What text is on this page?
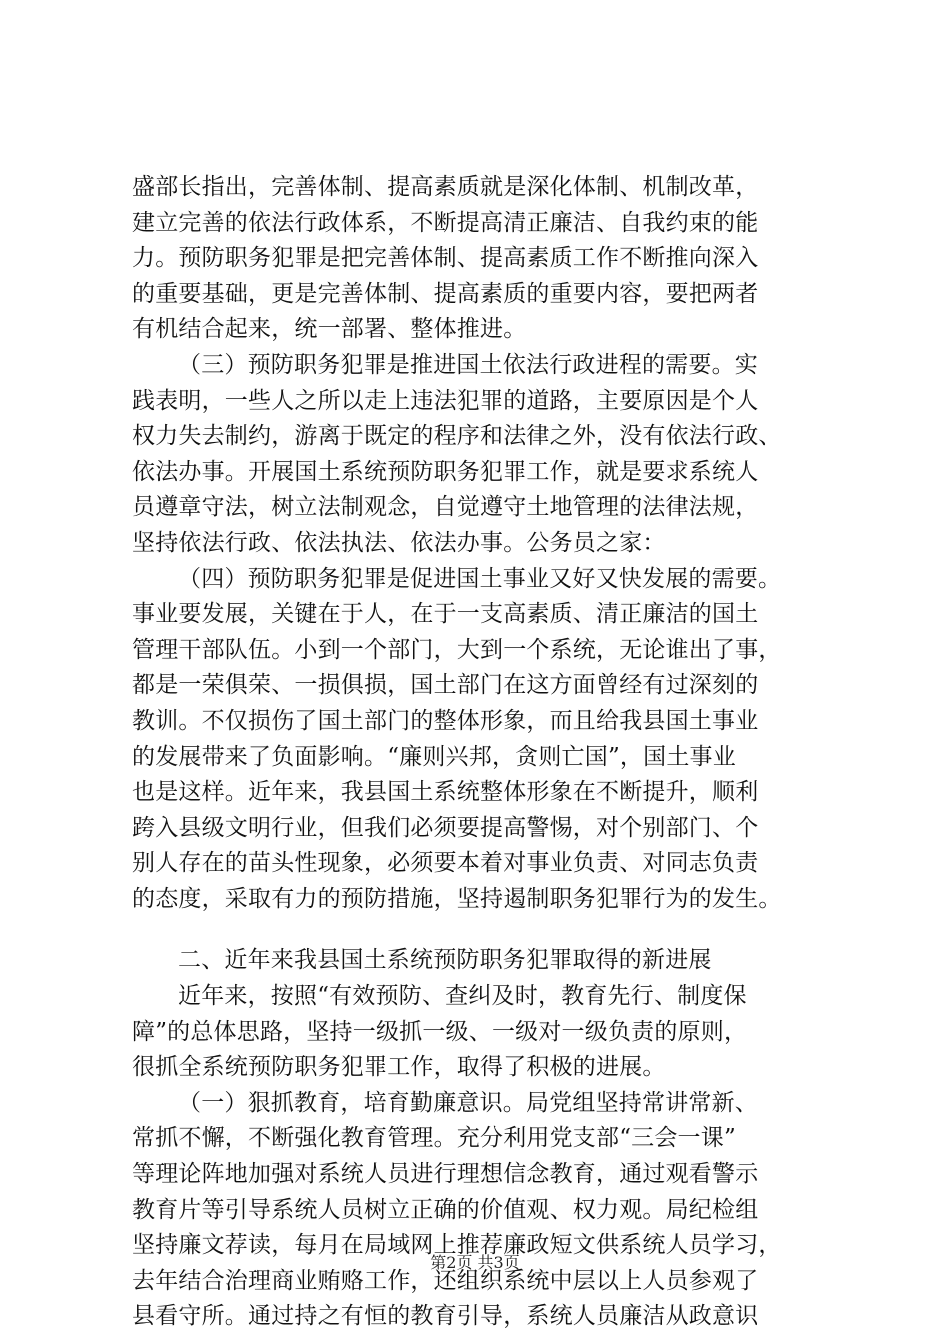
盛部长指出，完善体制、提高素质就是深化体制、机制改革，
建立完善的依法行政体系，不断提高清正廉洁、自我约束的能
力。预防职务犯罪是把完善体制、提高素质工作不断推向深入
的重要基础，更是完善体制、提高素质的重要内容，要把两者
有机结合起来，统一部署、整体推进。
（三）预防职务犯罪是推进国土依法行政进程的需要。实
践表明，一些人之所以走上违法犯罪的道路，主要原因是个人
权力失去制约，游离于既定的程序和法律之外，没有依法行政、
依法办事。开展国土系统预防职务犯罪工作，就是要求系统人
员遵章守法，树立法制观念，自觉遵守土地管理的法律法规，
坚持依法行政、依法执法、依法办事。公务员之家：
（四）预防职务犯罪是促进国土事业又好又快发展的需要。
事业要发展，关键在于人，在于一支高素质、清正廉洁的国土
管理干部队伍。小到一个部门，大到一个系统，无论谁出了事，
都是一荣俱荣、一损俱损，国土部门在这方面曾经有过深刻的
教训。不仅损伤了国土部门的整体形象，而且给我县国土事业
的发展带来了负面影响。“廉则兴邦，贪则亡国”，国土事业
也是这样。近年来，我县国土系统整体形象在不断提升，顺利
跨入县级文明行业，但我们必须要提高警惕，对个别部门、个
别人存在的苗头性现象，必须要本着对事业负责、对同志负责
的态度，采取有力的预防措施，坚持遏制职务犯罪行为的发生。
二、近年来我县国土系统预防职务犯罪取得的新进展
近年来，按照“有效预防、查纠及时，教育先行、制度保
障”的总体思路，坚持一级抓一级、一级对一级负责的原则，
很抓全系统预防职务犯罪工作，取得了积极的进展。
（一）狠抓教育，培育勤廉意识。局党组坚持常讲常新、
常抓不懈，不断强化教育管理。充分利用党支部“三会一课”
等理论阵地加强对系统人员进行理想信念教育，通过观看警示
教育片等引导系统人员树立正确的价值观、权力观。局纪检组
坚持廉文荐读，每月在局域网上推荐廉政短文供系统人员学习，
去年结合治理商业贿赂工作，还组织系统中层以上人员参观了
县看守所。通过持之有恒的教育引导，系统人员廉洁从政意识
第2页 共3页
